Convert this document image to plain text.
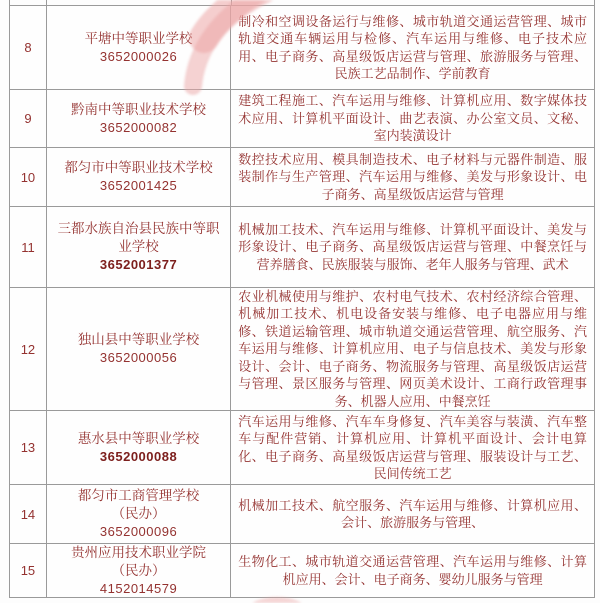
8
平塘中等职业学校
3652000026
制冷和空调设备运行与维修、城市轨道交通运营管理、城市轨道交通车辆运用与检修、汽车运用与维修、电子技术应用、电子商务、高星级饭店运营与管理、旅游服务与管理、民族工艺品制作、学前教育
9
黔南中等职业技术学校
3652000082
建筑工程施工、汽车运用与维修、计算机应用、数字媒体技术应用、计算机平面设计、曲艺表演、办公室文员、文秘、室内装潢设计
10
都匀市中等职业技术学校
3652001425
数控技术应用、模具制造技术、电子材料与元器件制造、服装制作与生产管理、汽车运用与维修、美发与形象设计、电子商务、高星级饭店运营与管理
11
三都水族自治县民族中等职业学校
3652001377
机械加工技术、汽车运用与维修、计算机平面设计、美发与形象设计、电子商务、高星级饭店运营与管理、中餐烹饪与营养膳食、民族服装与服饰、老年人服务与管理、武术
12
独山县中等职业学校
3652000056
农业机械使用与维护、农村电气技术、农村经济综合管理、机械加工技术、机电设备安装与维修、电子电器应用与维修、铁道运输管理、城市轨道交通运营管理、航空服务、汽车运用与维修、计算机应用、电子与信息技术、美发与形象设计、会计、电子商务、物流服务与管理、高星级饭店运营与管理、景区服务与管理、网页美术设计、工商行政管理事务、机器人应用、中餐烹饪
13
惠水县中等职业学校
3652000088
汽车运用与维修、汽车车身修复、汽车美容与装潢、汽车整车与配件营销、计算机应用、计算机平面设计、会计电算化、电子商务、高星级饭店运营与管理、服装设计与工艺、民间传统工艺
14
都匀市工商管理学校
（民办）
3652000096
机械加工技术、航空服务、汽车运用与维修、计算机应用、会计、旅游服务与管理、
15
贵州应用技术职业学院
（民办）
4152014579
生物化工、城市轨道交通运营管理、汽车运用与维修、计算机应用、会计、电子商务、婴幼儿服务与管理
